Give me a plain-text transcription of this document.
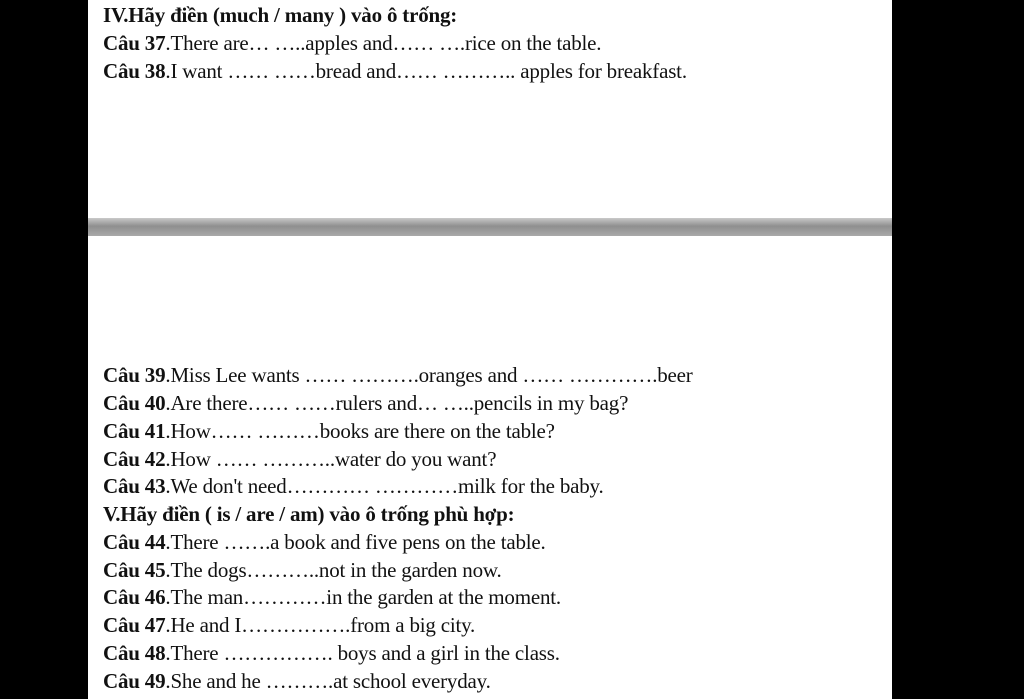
IV.Hãy điền (much / many ) vào ô trống:
Câu 37.There are… …..apples and…… ….rice on the table.
Câu 38.I want …… ……bread and…… ……….. apples for breakfast.
Câu 39.Miss Lee wants …… ……….oranges and …… ………….beer
Câu 40.Are there…… ……rulers and… …..pencils in my bag?
Câu 41.How…… ………books are there on the table?
Câu 42.How …… ………..water do you want?
Câu 43.We don't need………… …………milk for the baby.
V.Hãy điền ( is / are / am) vào ô trống phù hợp:
Câu 44.There …….a book and five pens on the table.
Câu 45.The dogs………..not in the garden now.
Câu 46.The man…………in the garden at the moment.
Câu 47.He and I…………….from a big city.
Câu 48.There ……………. boys and a girl in the class.
Câu 49.She and he ……….at school everyday.
